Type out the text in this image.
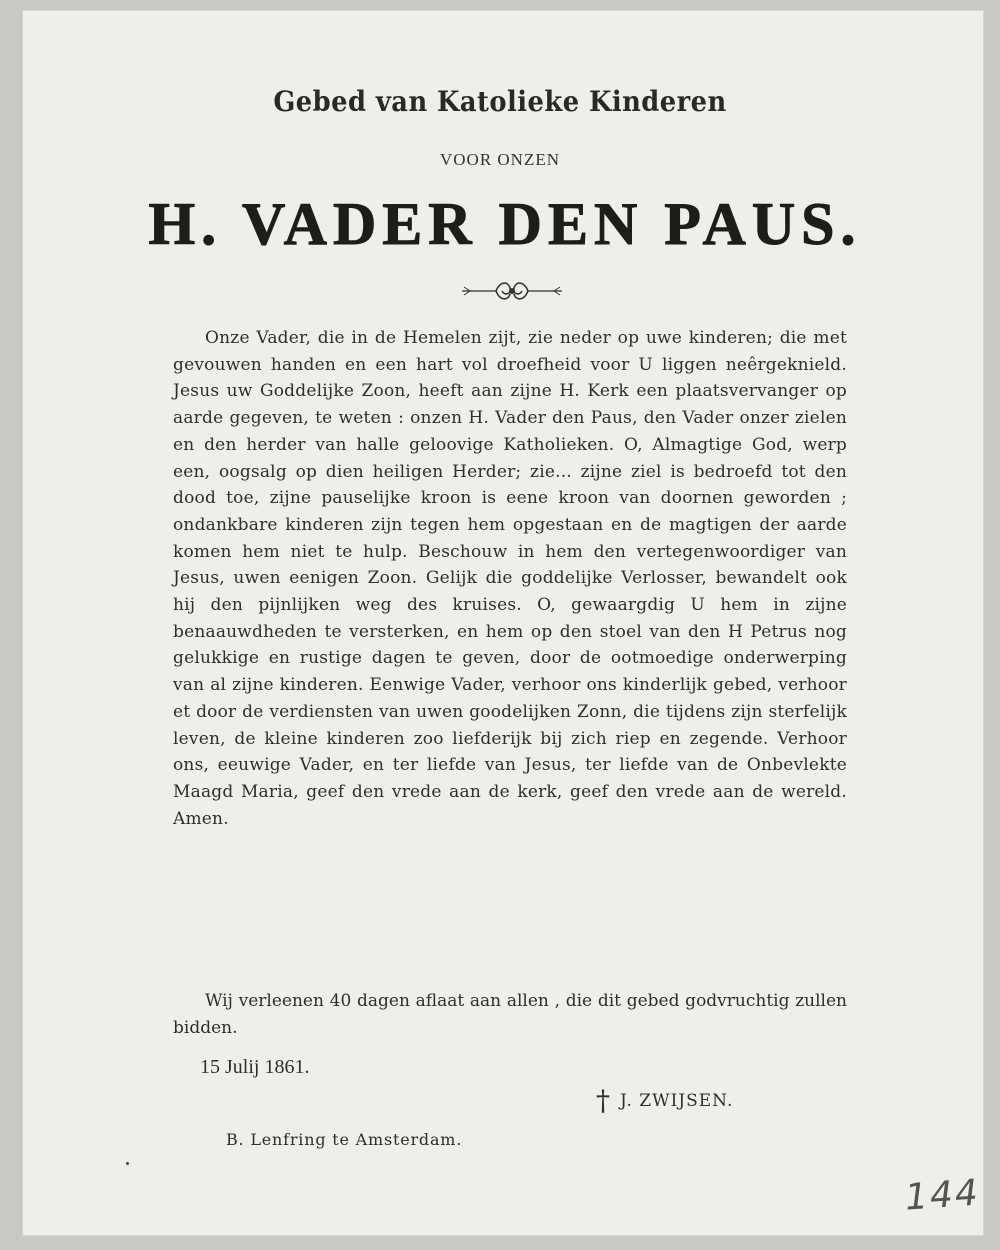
Gebed van Katolieke Kinderen
VOOR ONZEN
H. VADER DEN PAUS.

Onze Vader, die in de Hemelen zijt, zie neder op uwe kinderen; die met gevouwen handen en een hart vol droefheid voor U liggen neêrgeknield. Jesus uw Goddelijke Zoon, heeft aan zijne H. Kerk een plaatsvervanger op aarde gegeven, te weten : onzen H. Vader den Paus, den Vader onzer zielen en den herder van halle geloovige Katholieken. O, Almagtige God, werp een, oogsalg op dien heiligen Herder; zie... zijne ziel is bedroefd tot den dood toe, zijne pauselijke kroon is eene kroon van doornen geworden ; ondankbare kinderen zijn tegen hem opgestaan en de magtigen der aarde komen hem niet te hulp. Beschouw in hem den vertegenwoordiger van Jesus, uwen eenigen Zoon. Gelijk die goddelijke Verlosser, bewandelt ook hij den pijnlijken weg des kruises. O, gewaargdig U hem in zijne benaauwdheden te versterken, en hem op den stoel van den H Petrus nog gelukkige en rustige dagen te geven, door de ootmoedige onderwerping van al zijne kinderen. Eenwige Vader, verhoor ons kinderlijk gebed, verhoor et door de verdiensten van uwen goodelijken Zonn, die tijdens zijn sterfelijk leven, de kleine kinderen zoo liefderijk bij zich riep en zegende. Verhoor ons, eeuwige Vader, en ter liefde van Jesus, ter liefde van de Onbevlekte Maagd Maria, geef den vrede aan de kerk, geef den vrede aan de wereld. Amen.

Wij verleenen 40 dagen aflaat aan allen , die dit gebed godvruchtig zullen bidden.
15 Julij 1861.
† J. ZWIJSEN.
B. Lenfring te Amsterdam.
144
